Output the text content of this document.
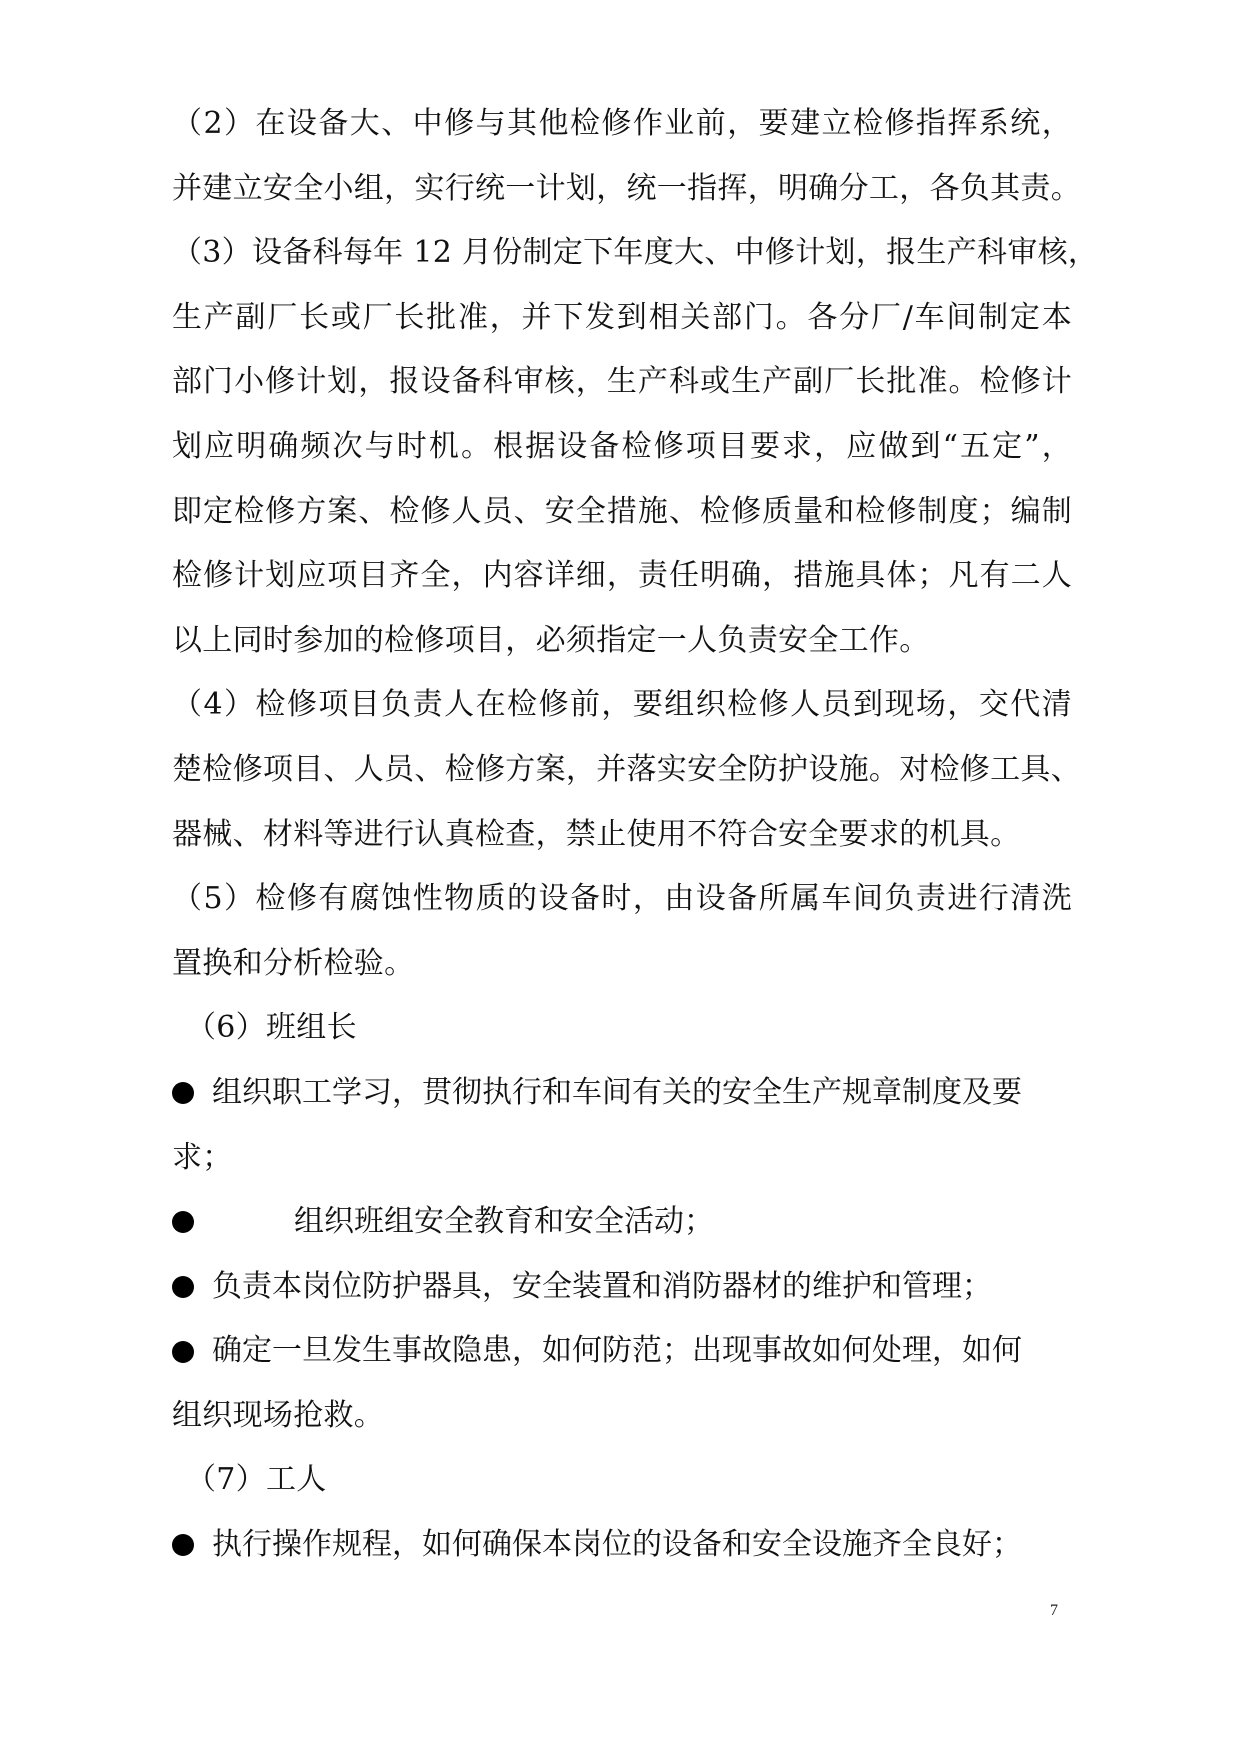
（2）在设备大、中修与其他检修作业前，要建立检修指挥系统，
并建立安全小组，实行统一计划，统一指挥，明确分工，各负其责。
（3）设备科每年 12 月份制定下年度大、中修计划，报生产科审核，
生产副厂长或厂长批准，并下发到相关部门。各分厂/车间制定本
部门小修计划，报设备科审核，生产科或生产副厂长批准。检修计
划应明确频次与时机。根据设备检修项目要求，应做到“五定”，
即定检修方案、检修人员、安全措施、检修质量和检修制度；编制
检修计划应项目齐全，内容详细，责任明确，措施具体；凡有二人
以上同时参加的检修项目，必须指定一人负责安全工作。
（4）检修项目负责人在检修前，要组织检修人员到现场，交代清
楚检修项目、人员、检修方案，并落实安全防护设施。对检修工具、
器械、材料等进行认真检查，禁止使用不符合安全要求的机具。
（5）检修有腐蚀性物质的设备时，由设备所属车间负责进行清洗
置换和分析检验。
（6）班组长
组织职工学习，贯彻执行和车间有关的安全生产规章制度及要
求；
组织班组安全教育和安全活动；
负责本岗位防护器具，安全装置和消防器材的维护和管理；
确定一旦发生事故隐患，如何防范；出现事故如何处理，如何
组织现场抢救。
（7）工人
执行操作规程，如何确保本岗位的设备和安全设施齐全良好；
7
